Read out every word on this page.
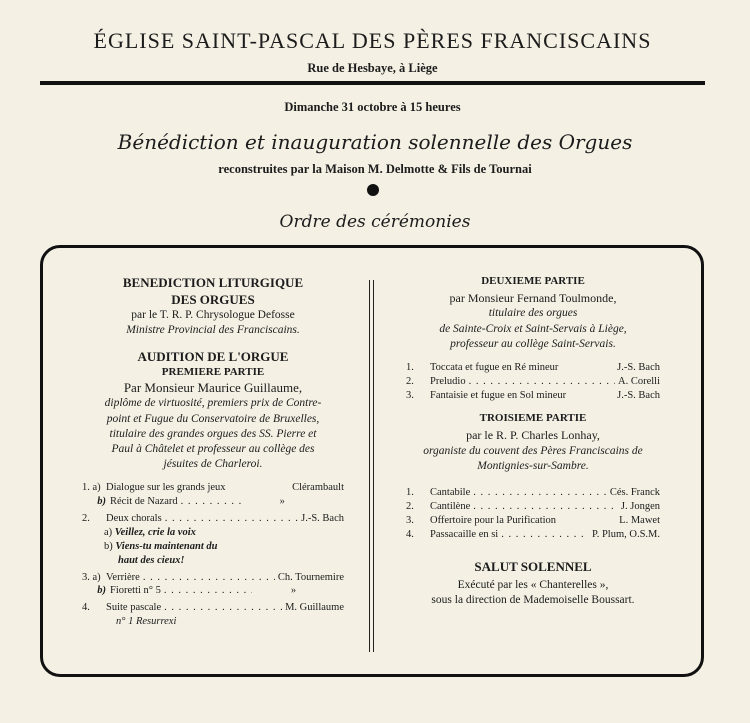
ÉGLISE SAINT-PASCAL DES PÈRES FRANCISCAINS
Rue de Hesbaye, à Liège
Dimanche 31 octobre à 15 heures
Bénédiction et inauguration solennelle des Orgues
reconstruites par la Maison M. Delmotte & Fils de Tournai
Ordre des cérémonies
BENEDICTION LITURGIQUE
DES ORGUES
par le T. R. P. Chrysologue Defosse
Ministre Provincial des Franciscains.
AUDITION DE L'ORGUE
PREMIERE PARTIE
Par Monsieur Maurice Guillaume,
diplôme de virtuosité, premiers prix de Contre-
point et Fugue du Conservatoire de Bruxelles,
titulaire des grandes orgues des SS. Pierre et
Paul à Châtelet et professeur au collège des
jésuites de Charleroi.
1. a) Dialogue sur les grands jeux	Clérambault
b) Récit de Nazard . . .	»
2.	Deux chorals . . .	J.-S. Bach
a) Veillez, crie la voix
b) Viens-tu maintenant du
haut des cieux!
3. a) Verrière . . .	Ch. Tournemire
b) Fioretti n° 5 . . .	»
4.	Suite pascale . . .	M. Guillaume
n° 1 Resurrexi
DEUXIEME PARTIE
par Monsieur Fernand Toulmonde,
titulaire des orgues
de Sainte-Croix et Saint-Servais à Liège,
professeur au collège Saint-Servais.
1.	Toccata et fugue en Ré mineur	J.-S. Bach
2.	Preludio . . .	A. Corelli
3.	Fantaisie et fugue en Sol mineur	J.-S. Bach
TROISIEME PARTIE
par le R. P. Charles Lonhay,
organiste du couvent des Pères Franciscains de
Montignies-sur-Sambre.
1.	Cantabile . . .	Cés. Franck
2.	Cantilène . . .	J. Jongen
3.	Offertoire pour la Purification	L. Mawet
4.	Passacaille en si . . .	P. Plum, O.S.M.
SALUT SOLENNEL
Exécuté par les « Chanterelles »,
sous la direction de Mademoiselle Boussart.
